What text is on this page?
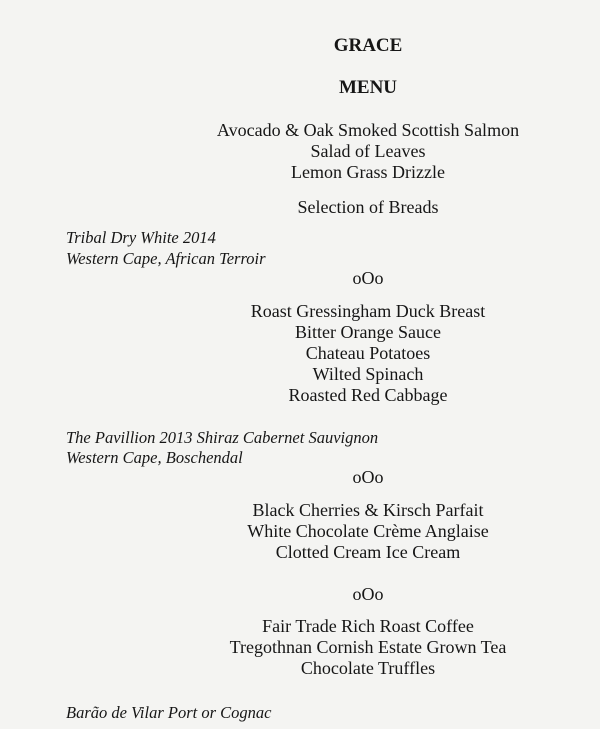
GRACE
MENU
Avocado & Oak Smoked Scottish Salmon
Salad of Leaves
Lemon Grass Drizzle
Selection of Breads
Tribal Dry White 2014
Western Cape, African Terroir
oOo
Roast Gressingham Duck Breast
Bitter Orange Sauce
Chateau Potatoes
Wilted Spinach
Roasted Red Cabbage
The Pavillion 2013 Shiraz Cabernet Sauvignon
Western Cape, Boschendal
oOo
Black Cherries & Kirsch Parfait
White Chocolate Crème Anglaise
Clotted Cream Ice Cream
oOo
Fair Trade Rich Roast Coffee
Tregothnan Cornish Estate Grown Tea
Chocolate Truffles
Barão de Vilar Port or Cognac
